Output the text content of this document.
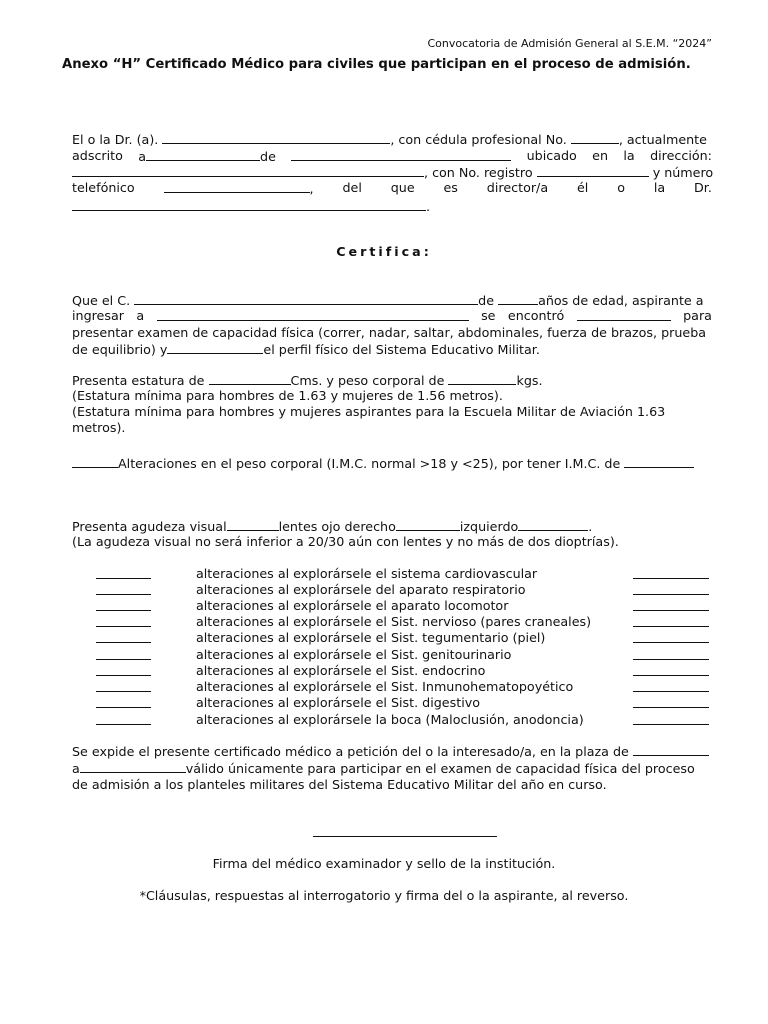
Convocatoria de Admisión General al S.E.M. “2024”
Anexo “H” Certificado Médico para civiles que participan en el proceso de admisión.
El o la Dr. (a).	, con cédula profesional No.	, actualmente
adscrito a	de	ubicado en la dirección:
, con No. registro	y número
telefónico	, del que es director/a él o la Dr.
.
Certifica:
Que el C.	de	años de edad, aspirante a
ingresar a	se encontró	para
presentar examen de capacidad física (correr, nadar, saltar, abdominales, fuerza de brazos, prueba
de equilibrio) y	el perfil físico del Sistema Educativo Militar.
Presenta estatura de	Cms. y peso corporal de	kgs.
(Estatura mínima para hombres de 1.63 y mujeres de 1.56 metros).
(Estatura mínima para hombres y mujeres aspirantes para la Escuela Militar de Aviación 1.63
metros).
Alteraciones en el peso corporal (I.M.C. normal >18 y <25), por tener I.M.C. de
Presenta agudeza visual	lentes ojo derecho	izquierdo	.
(La agudeza visual no será inferior a 20/30 aún con lentes y no más de dos dioptrías).
alteraciones al explorársele el sistema cardiovascular
alteraciones al explorársele del aparato respiratorio
alteraciones al explorársele el aparato locomotor
alteraciones al explorársele el Sist. nervioso (pares craneales)
alteraciones al explorársele el Sist. tegumentario (piel)
alteraciones al explorársele el Sist. genitourinario
alteraciones al explorársele el Sist. endocrino
alteraciones al explorársele el Sist. Inmunohematopoyético
alteraciones al explorársele el Sist. digestivo
alteraciones al explorársele la boca (Maloclusión, anodoncia)
Se expide el presente certificado médico a petición del o la interesado/a, en la plaza de
a	válido únicamente para participar en el examen de capacidad física del proceso
de admisión a los planteles militares del Sistema Educativo Militar del año en curso.
Firma del médico examinador y sello de la institución.
*Cláusulas, respuestas al interrogatorio y firma del o la aspirante, al reverso.
